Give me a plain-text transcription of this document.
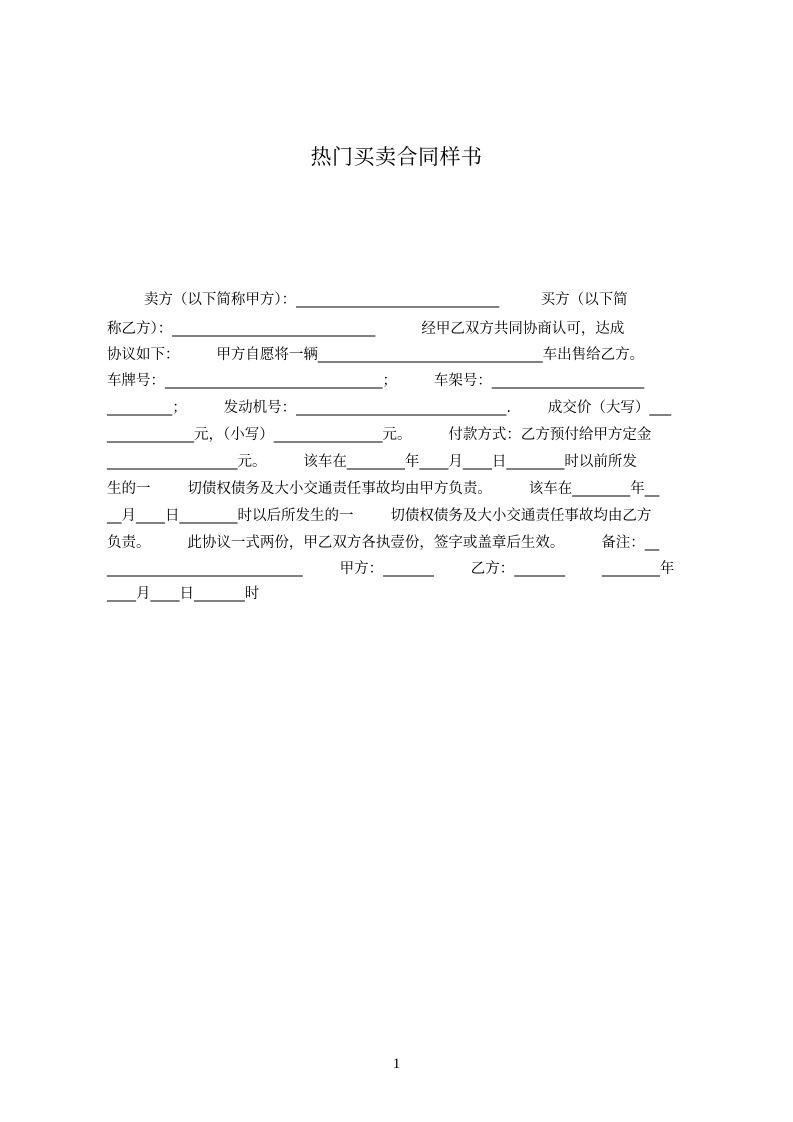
热门买卖合同样书
卖方（以下简称甲方）：____________________________         买方（以下简
称乙方）：____________________________          经甲乙双方共同协商认可，达成
协议如下：        甲方自愿将一辆_______________________________车出售给乙方。
车牌号：______________________________；        车架号：_____________________
_________；        发动机号：_____________________________.        成交价（大写）___
____________元，（小写）_______________元。        付款方式：乙方预付给甲方定金
__________________元。        该车在________年____月____日________时以前所发
生的一        切债权债务及大小交通责任事故均由甲方负责。        该车在________年__
__月____日________时以后所发生的一        切债权债务及大小交通责任事故均由乙方
负责。        此协议一式两份，甲乙双方各执壹份，签字或盖章后生效。        备注：__
___________________________        甲方：_______        乙方：_______        ________年
____月____日_______时
1
